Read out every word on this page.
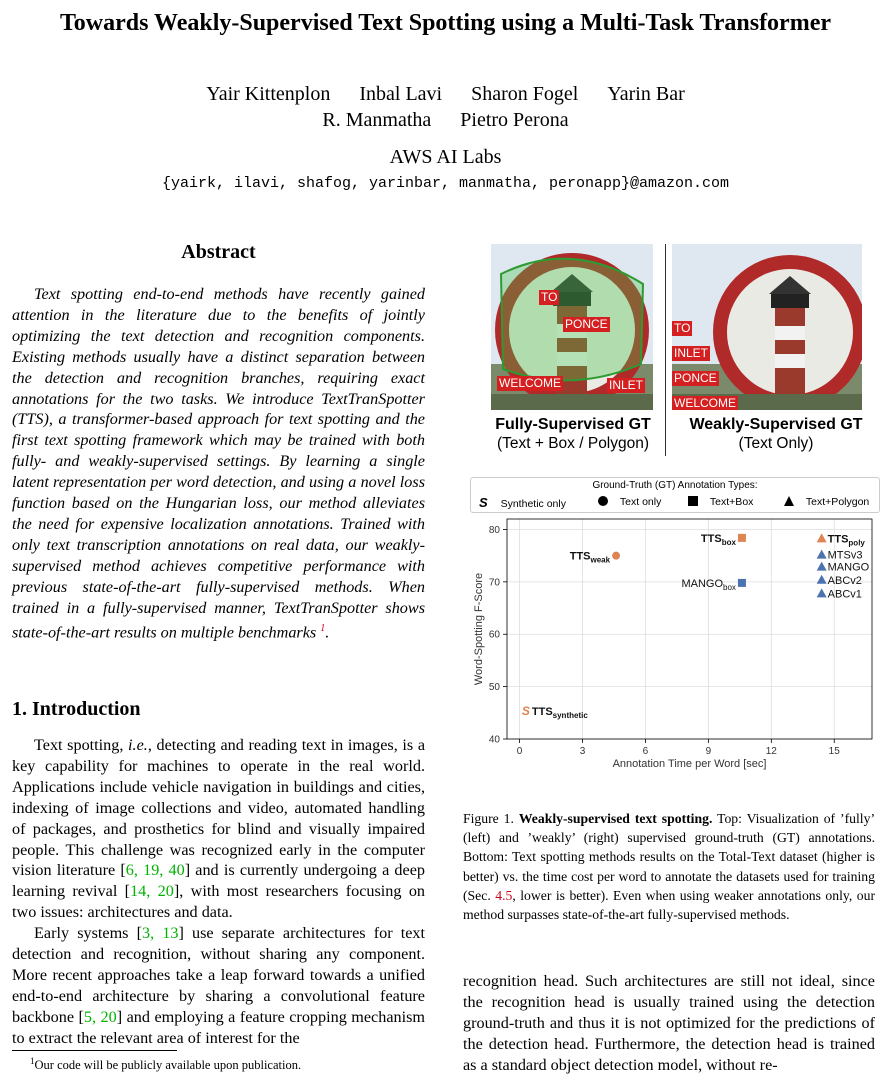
Towards Weakly-Supervised Text Spotting using a Multi-Task Transformer
Yair Kittenplon Inbal Lavi Sharon Fogel Yarin Bar
R. Manmatha Pietro Perona
AWS AI Labs
{yairk, ilavi, shafog, yarinbar, manmatha, peronapp}@amazon.com
Abstract

Text spotting end-to-end methods have recently gained attention in the literature due to the benefits of jointly optimizing the text detection and recognition components. Existing methods usually have a distinct separation between the detection and recognition branches, requiring exact annotations for the two tasks. We introduce TextTranSpotter (TTS), a transformer-based approach for text spotting and the first text spotting framework which may be trained with both fully- and weakly-supervised settings. By learning a single latent representation per word detection, and using a novel loss function based on the Hungarian loss, our method alleviates the need for expensive localization annotations. Trained with only text transcription annotations on real data, our weakly-supervised method achieves competitive performance with previous state-of-the-art fully-supervised methods. When trained in a fully-supervised manner, TextTranSpotter shows state-of-the-art results on multiple benchmarks $^1$.

1. Introduction

Text spotting, i.e., detecting and reading text in images, is a key capability for machines to operate in the real world. Applications include vehicle navigation in buildings and cities, indexing of image collections and video, automated handling of packages, and prosthetics for blind and visually impaired people. This challenge was recognized early in the computer vision literature [6, 19, 40] and is currently undergoing a deep learning revival [14, 20], with most researchers focusing on two issues: architectures and data.

Early systems [3, 13] use separate architectures for text detection and recognition, without sharing any component. More recent approaches take a leap forward towards a unified end-to-end architecture by sharing a convolutional feature backbone [5, 20] and employing a feature cropping mechanism to extract the relevant area of interest for the

$^1$Our code will be publicly available upon publication.
TO
PONCE
WELCOME	INLET
TO
INLET
PONCE
WELCOME
Fully-Supervised GT
(Text + Box / Polygon)
Weakly-Supervised GT
(Text Only)
Ground-Truth (GT) Annotation Types:
S Synthetic only	Text only	Text+Box	Text+Polygon
0	3	6	9	12	15
40
50
60
70
80
S $TTS_{synthetic}$
$TTS_{weak}$
$TTS_{box}$
$MANGO_{box}$
$TTS_{poly}$
MTSv3
MANGO
ABCv2
ABCv1
Annotation Time per Word [sec]
Word-Spotting F-Score
Figure 1. Weakly-supervised text spotting. Top: Visualization of ’fully’ (left) and ’weakly’ (right) supervised ground-truth (GT) annotations. Bottom: Text spotting methods results on the Total-Text dataset (higher is better) vs. the time cost per word to annotate the datasets used for training (Sec. 4.5, lower is better). Even when using weaker annotations only, our method surpasses state-of-the-art fully-supervised methods.

recognition head. Such architectures are still not ideal, since the recognition head is usually trained using the detection ground-truth and thus it is not optimized for the predictions of the detection head. Furthermore, the detection head is trained as a standard object detection model, without re-
